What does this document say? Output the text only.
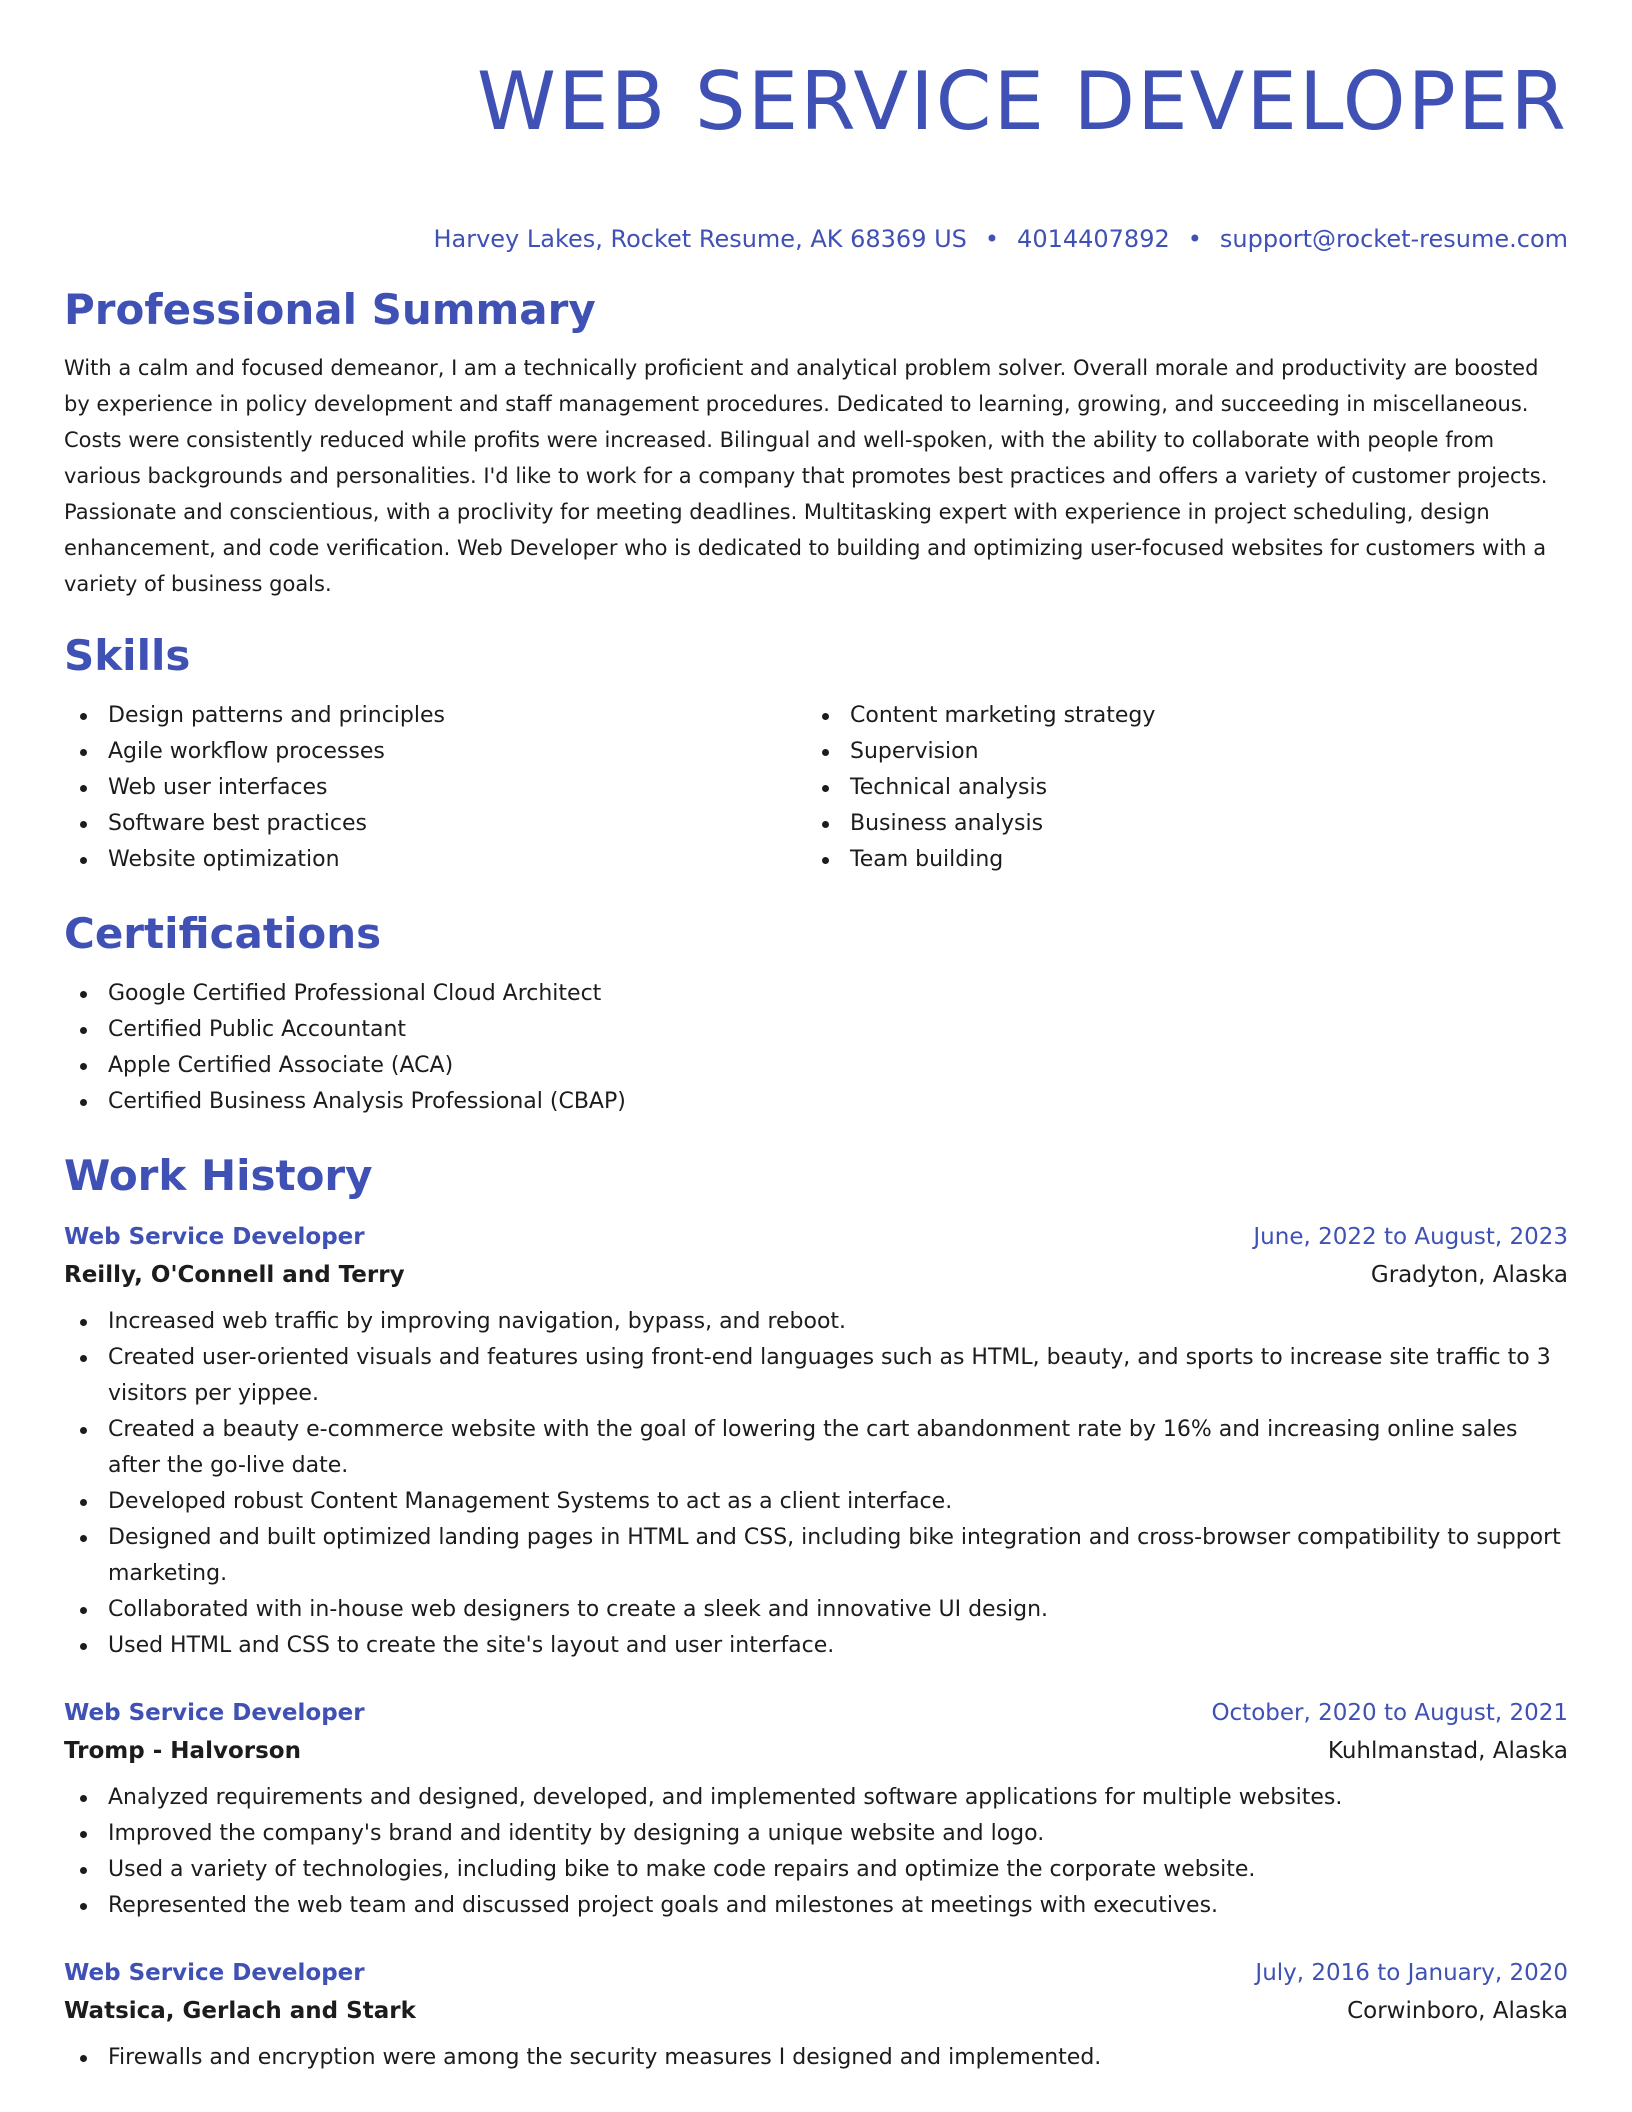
WEB SERVICE DEVELOPER
Harvey Lakes, Rocket Resume, AK 68369 US • 4014407892 • support@rocket-resume.com
Professional Summary

With a calm and focused demeanor, I am a technically proficient and analytical problem solver. Overall morale and productivity are boosted by experience in policy development and staff management procedures. Dedicated to learning, growing, and succeeding in miscellaneous. Costs were consistently reduced while profits were increased. Bilingual and well-spoken, with the ability to collaborate with people from various backgrounds and personalities. I'd like to work for a company that promotes best practices and offers a variety of customer projects. Passionate and conscientious, with a proclivity for meeting deadlines. Multitasking expert with experience in project scheduling, design enhancement, and code verification. Web Developer who is dedicated to building and optimizing user-focused websites for customers with a variety of business goals.

Skills
Design patterns and principles
Agile workflow processes
Web user interfaces
Software best practices
Website optimization
Content marketing strategy
Supervision
Technical analysis
Business analysis
Team building
Certifications
Google Certified Professional Cloud Architect
Certified Public Accountant
Apple Certified Associate (ACA)
Certified Business Analysis Professional (CBAP)
Work History
Web Service Developer	June, 2022 to August, 2023
Reilly, O'Connell and Terry	Gradyton, Alaska
Increased web traffic by improving navigation, bypass, and reboot.
Created user-oriented visuals and features using front-end languages such as HTML, beauty, and sports to increase site traffic to 3 visitors per yippee.
Created a beauty e-commerce website with the goal of lowering the cart abandonment rate by 16% and increasing online sales after the go-live date.
Developed robust Content Management Systems to act as a client interface.
Designed and built optimized landing pages in HTML and CSS, including bike integration and cross-browser compatibility to support marketing.
Collaborated with in-house web designers to create a sleek and innovative UI design.
Used HTML and CSS to create the site's layout and user interface.
Web Service Developer	October, 2020 to August, 2021
Tromp - Halvorson	Kuhlmanstad, Alaska
Analyzed requirements and designed, developed, and implemented software applications for multiple websites.
Improved the company's brand and identity by designing a unique website and logo.
Used a variety of technologies, including bike to make code repairs and optimize the corporate website.
Represented the web team and discussed project goals and milestones at meetings with executives.
Web Service Developer	July, 2016 to January, 2020
Watsica, Gerlach and Stark	Corwinboro, Alaska
Firewalls and encryption were among the security measures I designed and implemented.
